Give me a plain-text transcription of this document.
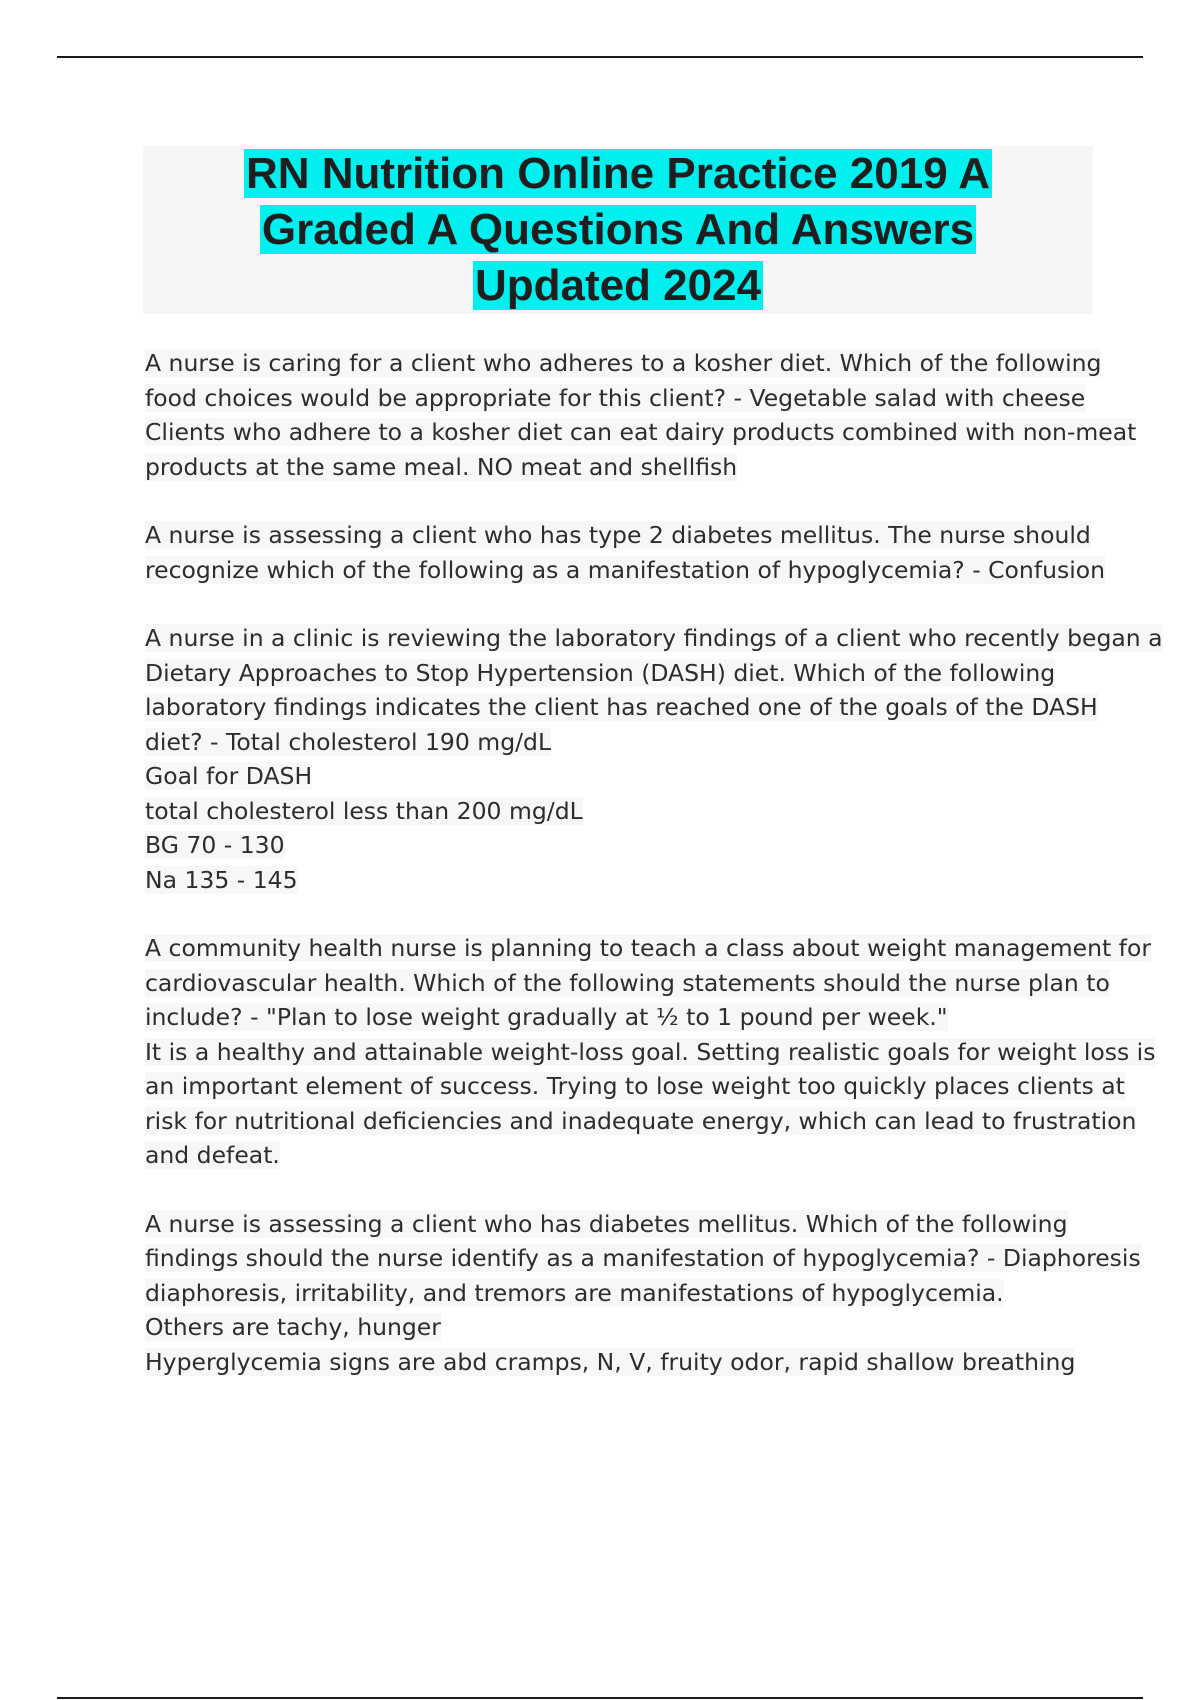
RN Nutrition Online Practice 2019 A
Graded A Questions And Answers
Updated 2024
A nurse is caring for a client who adheres to a kosher diet. Which of the following
food choices would be appropriate for this client? - Vegetable salad with cheese
Clients who adhere to a kosher diet can eat dairy products combined with non-meat
products at the same meal. NO meat and shellfish
A nurse is assessing a client who has type 2 diabetes mellitus. The nurse should
recognize which of the following as a manifestation of hypoglycemia? - Confusion
A nurse in a clinic is reviewing the laboratory findings of a client who recently began a
Dietary Approaches to Stop Hypertension (DASH) diet. Which of the following
laboratory findings indicates the client has reached one of the goals of the DASH
diet? - Total cholesterol 190 mg/dL
Goal for DASH
total cholesterol less than 200 mg/dL
BG 70 - 130
Na 135 - 145
A community health nurse is planning to teach a class about weight management for
cardiovascular health. Which of the following statements should the nurse plan to
include? - "Plan to lose weight gradually at ½ to 1 pound per week."
It is a healthy and attainable weight-loss goal. Setting realistic goals for weight loss is
an important element of success. Trying to lose weight too quickly places clients at
risk for nutritional deficiencies and inadequate energy, which can lead to frustration
and defeat.
A nurse is assessing a client who has diabetes mellitus. Which of the following
findings should the nurse identify as a manifestation of hypoglycemia? - Diaphoresis
diaphoresis, irritability, and tremors are manifestations of hypoglycemia.
Others are tachy, hunger
Hyperglycemia signs are abd cramps, N, V, fruity odor, rapid shallow breathing
